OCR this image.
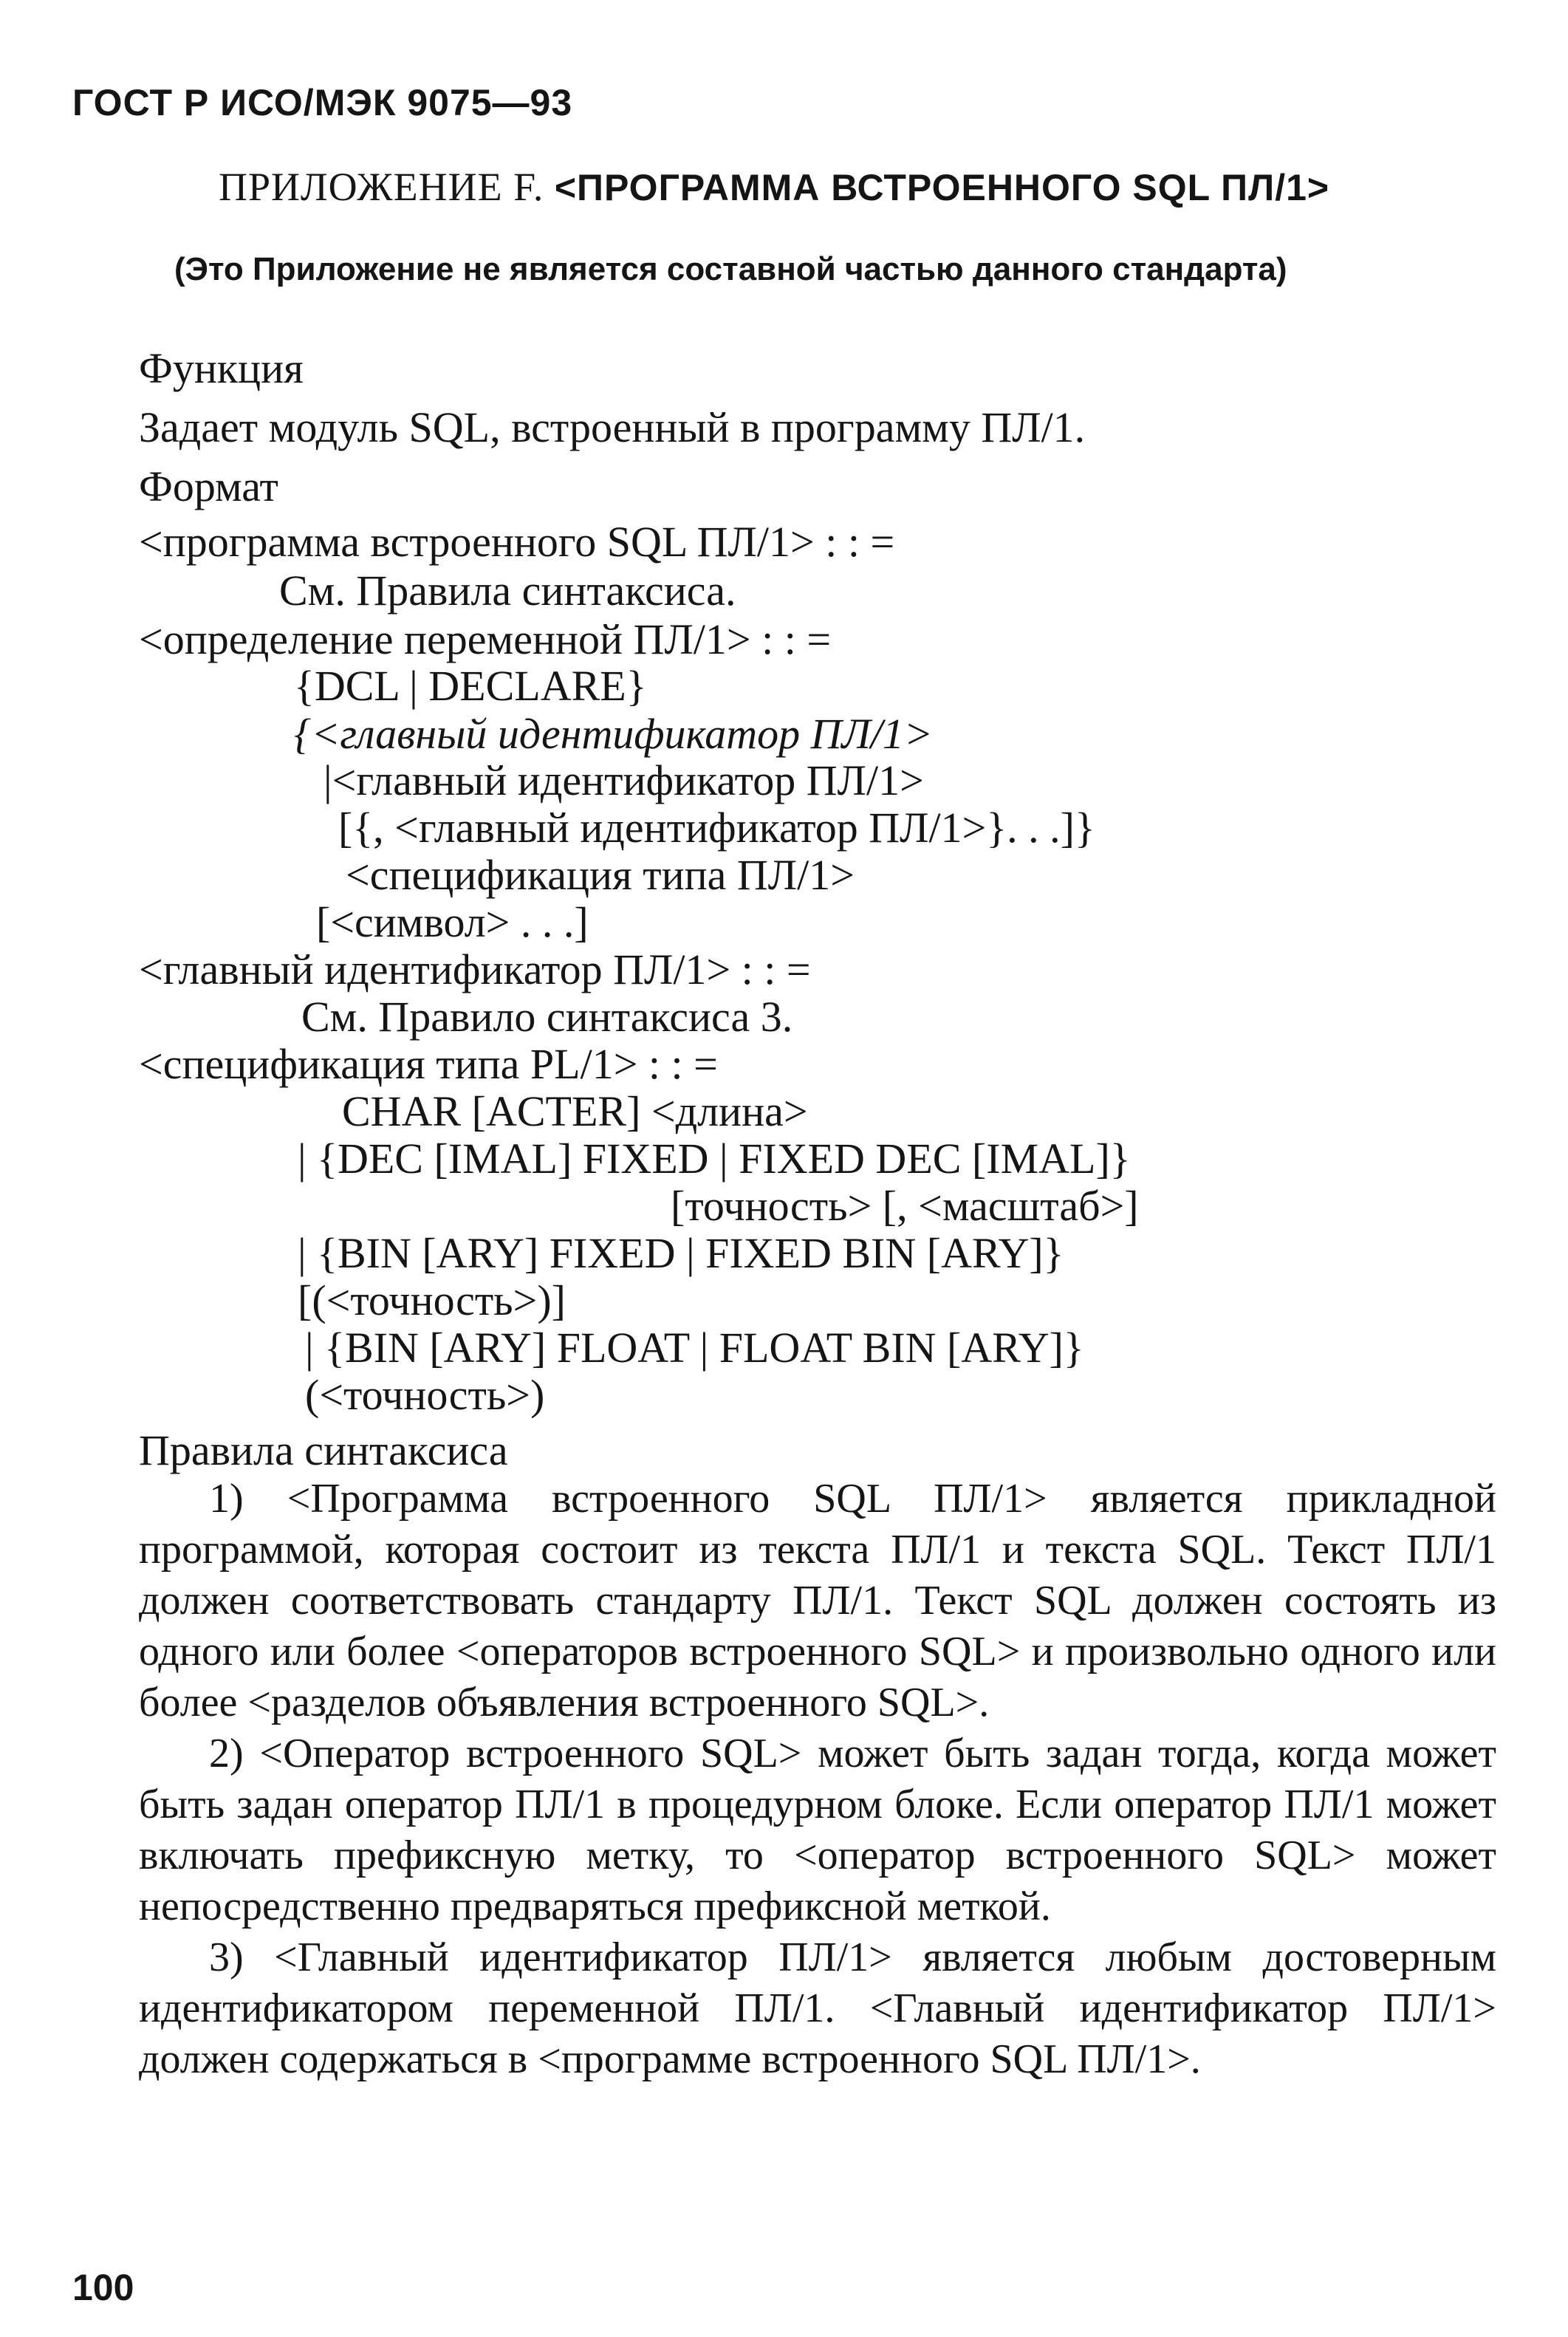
ГОСТ Р ИСО/МЭК 9075—93
ПРИЛОЖЕНИЕ F. <ПРОГРАММА ВСТРОЕННОГО SQL ПЛ/1>
(Это Приложение не является составной частью данного стандарта)
Функция
Задает модуль SQL, встроенный в программу ПЛ/1.
Формат
<программа встроенного SQL ПЛ/1> : : =
См. Правила синтаксиса.
<определение переменной ПЛ/1> : : =
{DCL | DECLARE}
{<главный идентификатор ПЛ/1>
|<главный идентификатор ПЛ/1>
[{, <главный идентификатор ПЛ/1>}. . .]}
<спецификация типа ПЛ/1>
[<символ> . . .]
<главный идентификатор ПЛ/1> : : =
См. Правило синтаксиса 3.
<спецификация типа PL/1> : : =
CHAR [ACTER] <длина>
| {DEC [IMAL] FIXED | FIXED DEC [IMAL]}
[точность> [, <масштаб>]
| {BIN [ARY] FIXED | FIXED BIN [ARY]}
[(<точность>)]
| {BIN [ARY] FLOAT | FLOAT BIN [ARY]}
(<точность>)
Правила синтаксиса

1) <Программа встроенного SQL ПЛ/1> является прикладной программой, которая состоит из текста ПЛ/1 и текста SQL. Текст ПЛ/1 должен соответствовать стандарту ПЛ/1. Текст SQL должен состоять из одного или более <операторов встроенного SQL> и произвольно одного или более <разделов объявления встроенного SQL>.

2) <Оператор встроенного SQL> может быть задан тогда, когда может быть задан оператор ПЛ/1 в процедурном блоке. Если оператор ПЛ/1 может включать префиксную метку, то <оператор встроенного SQL> может непосредственно предваряться префиксной меткой.

3) <Главный идентификатор ПЛ/1> является любым достоверным идентификатором переменной ПЛ/1. <Главный идентификатор ПЛ/1> должен содержаться в <программе встроенного SQL ПЛ/1>.

100
